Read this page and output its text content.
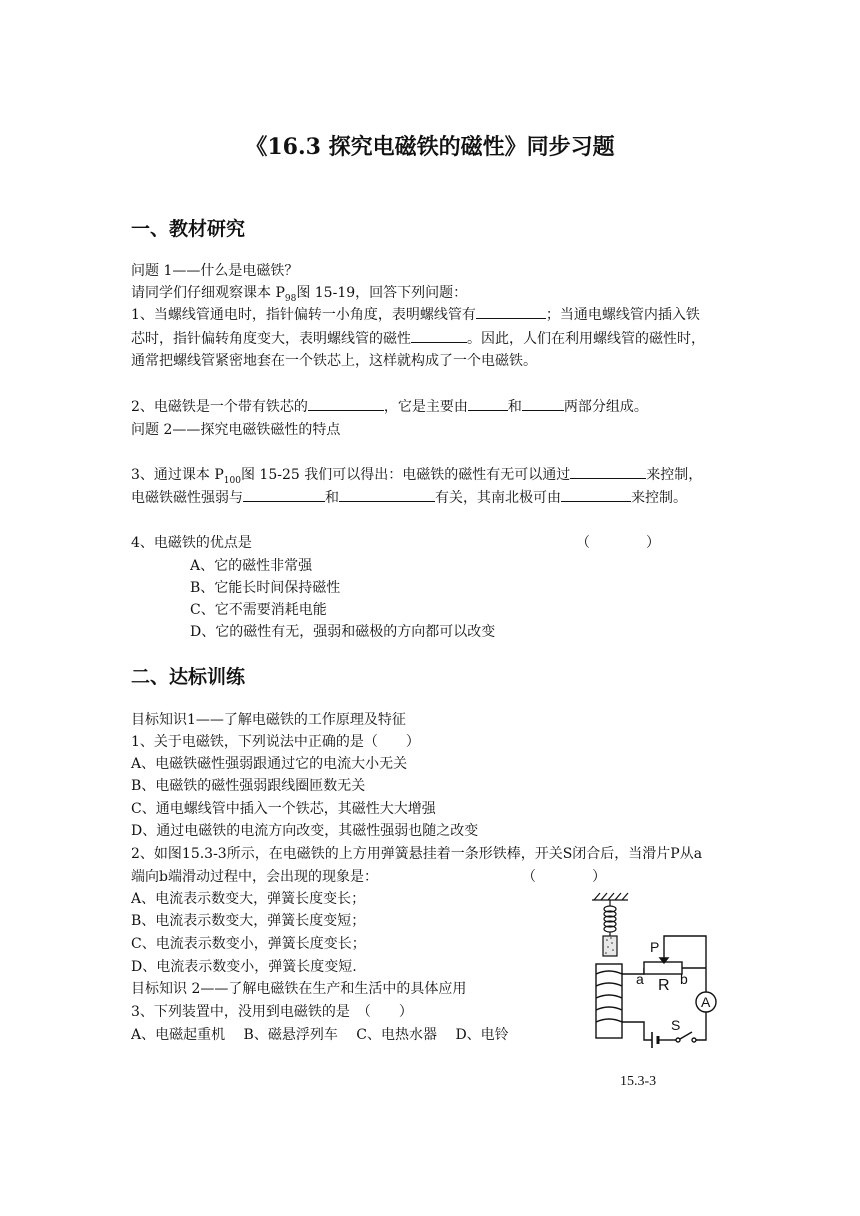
《16.3 探究电磁铁的磁性》同步习题
一、教材研究
问题 1——什么是电磁铁？
请同学们仔细观察课本 $P_{98}$图 15-19，回答下列问题：
1、当螺线管通电时，指针偏转一小角度，表明螺线管有	；当通电螺线管内插入铁
芯时，指针偏转角度变大，表明螺线管的磁性	。因此，人们在利用螺线管的磁性时，
通常把螺线管紧密地套在一个铁芯上，这样就构成了一个电磁铁。
2、电磁铁是一个带有铁芯的	，它是主要由	和	两部分组成。
问题 2——探究电磁铁磁性的特点
3、通过课本 $P_{100}$图 15-25 我们可以得出：电磁铁的磁性有无可以通过	来控制，
电磁铁磁性强弱与	和	有关，其南北极可由	来控制。
4、电磁铁的优点是	（　　　　）
A、它的磁性非常强
B、它能长时间保持磁性
C、它不需要消耗电能
D、它的磁性有无，强弱和磁极的方向都可以改变
二、达标训练
目标知识1——了解电磁铁的工作原理及特征
1、关于电磁铁，下列说法中正确的是（　　）
A、电磁铁磁性强弱跟通过它的电流大小无关
B、电磁铁的磁性强弱跟线圈匝数无关
C、通电螺线管中插入一个铁芯，其磁性大大增强
D、通过电磁铁的电流方向改变，其磁性强弱也随之改变
2、如图15.3-3所示，在电磁铁的上方用弹簧悬挂着一条形铁棒，开关S闭合后，当滑片P从a
端向b端滑动过程中，会出现的现象是：	（　　　　）
A、电流表示数变大，弹簧长度变长；
B、电流表示数变大，弹簧长度变短；
C、电流表示数变小，弹簧长度变长；
D、电流表示数变小，弹簧长度变短.
目标知识 2——了解电磁铁在生产和生活中的具体应用
3、下列装置中，没用到电磁铁的是　（　　）
A、电磁起重机　 B、磁悬浮列车　 C、电热水器　 D、电铃
P
a R b
S
A
15.3-3
